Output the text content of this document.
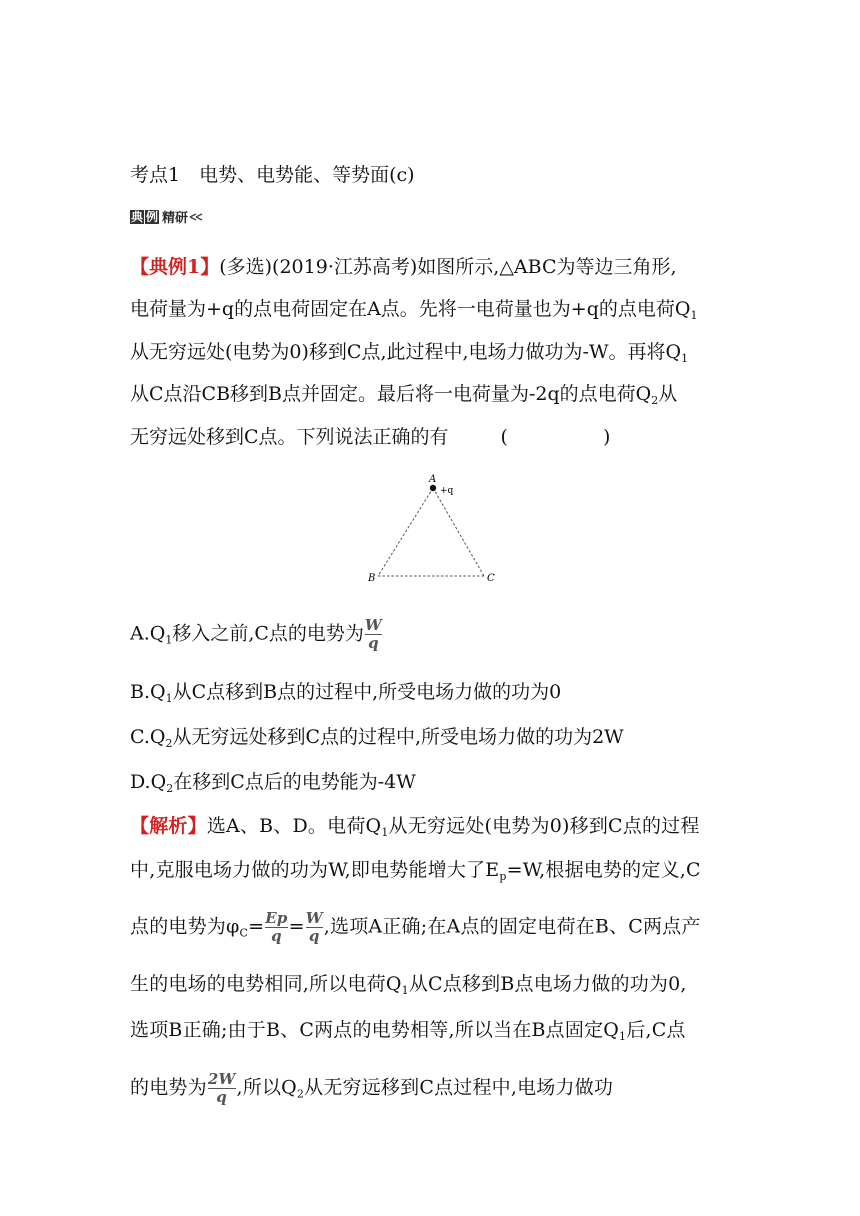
考点1　电势、电势能、等势面(c)
典 例 精研
【典例1】(多选)(2019·江苏高考)如图所示,△ABC为等边三角形,
电荷量为+q的点电荷固定在A点。先将一电荷量也为+q的点电荷$Q_1$
从无穷远处(电势为0)移到C点,此过程中,电场力做功为-W。再将$Q_1$
从C点沿CB移到B点并固定。最后将一电荷量为-2q的点电荷$Q_2$从
无穷远处移到C点。下列说法正确的有	(　　　　　)
A
+q
B	C
$A.Q_1$移入之前,C点的电势为 $\frac{W}{q}$
$B.Q_1$从C点移到B点的过程中,所受电场力做的功为0
$C.Q_2$从无穷远处移到C点的过程中,所受电场力做的功为2W
$D.Q_2$在移到C点后的电势能为-4W
【解析】选A、B、D。电荷$Q_1$从无穷远处(电势为0)移到C点的过程
中,克服电场力做的功为W,即电势能增大了$E_p=W$,根据电势的定义,C
点的电势为$\varphi_C= \frac{Ep}{q} = \frac{W}{q}$ ,选项A正确;在A点的固定电荷在B、C两点产
生的电场的电势相同,所以电荷$Q_1$从C点移到B点电场力做的功为0,
选项B正确;由于B、C两点的电势相等,所以当在B点固定$Q_1$后,C点
的电势为 $\frac{2W}{q}$ ,所以$Q_2$从无穷远移到C点过程中,电场力做功
